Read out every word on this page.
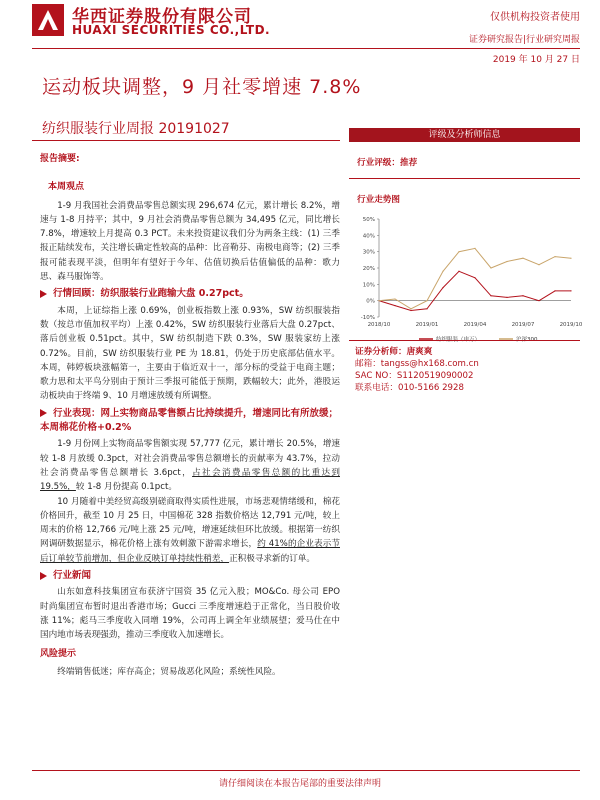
华西证券股份有限公司
HUAXI SECURITIES CO.,LTD.
仅供机构投资者使用
证券研究报告|行业研究周报
2019 年 10 月 27 日
运动板块调整，9 月社零增速 7.8%
纺织服装行业周报 20191027
报告摘要:
本周观点

1-9 月我国社会消费品零售总额实现 296,674 亿元，累计增长 8.2%，增速与 1-8 月持平；其中，9 月社会消费品零售总额为 34,495 亿元，同比增长 7.8%，增速较上月提高 0.3 PCT。未来投资建议我们分为两条主线：(1) 三季报正陆续发布，关注增长确定性较高的品种：比音勒芬、南极电商等；(2) 三季报可能表现平淡，但明年有望好于今年、估值切换后估值偏低的品种：歌力思、森马服饰等。

行情回顾：纺织服装行业跑输大盘 0.27pct。

本周，上证综指上涨 0.69%，创业板指数上涨 0.93%，SW 纺织服装指数（按总市值加权平均）上涨 0.42%，SW 纺织服装行业落后大盘 0.27pct、落后创业板 0.51pct。其中，SW 纺织制造下跌 0.3%，SW 服装家纺上涨 0.72%。目前，SW 纺织服装行业 PE 为 18.81，仍处于历史底部估值水平。本周，韩婷板块涨幅第一，主要由于临近双十一，部分标的受益于电商主题；歌力思和太平鸟分别由于预计三季报可能低于预期，跌幅较大；此外，港股运动板块由于终端 9、10 月增速放缓有所调整。

行业表现：网上实物商品零售额占比持续提升，增速同比有所放缓；本周棉花价格+0.2%

1-9 月份网上实物商品零售额实现 57,777 亿元，累计增长 20.5%，增速较 1-8 月放缓 0.3pct，对社会消费品零售总额增长的贡献率为 43.7%，拉动社会消费品零售总额增长 3.6pct，占社会消费品零售总额的比重达到 19.5%，较 1-8 月份提高 0.1pct。

10 月随着中美经贸高级别磋商取得实质性进展，市场悲观情绪缓和，棉花价格回升，截至 10 月 25 日，中国棉花 328 指数价格达 12,791 元/吨，较上周末的价格 12,766 元/吨上涨 25 元/吨，增速延续但环比放缓。根据第一纺织网调研数据显示，棉花价格上涨有效刺激下游需求增长，约 41%的企业表示节后订单较节前增加，但企业反映订单持续性稍差，正积极寻求新的订单。

行业新闻

山东如意科技集团宣布获济宁国资 35 亿元入股；MO&Co. 母公司 EPO 时尚集团宣布暂时退出香港市场；Gucci 三季度增速趋于正常化，当日股价收涨 11%；彪马三季度收入同增 19%，公司再上调全年业绩展望；爱马仕在中国内地市场表现强劲，推动三季度收入加速增长。

风险提示

终端销售低迷；库存高企；贸易战恶化风险；系统性风险。

评级及分析师信息
行业评级：推荐
行业走势图
-10%
0%
10%
20%
30%
40%
50%
2018/10	2019/01	2019/04	2019/07	2019/10
纺织服装（申万）	沪深300
证券分析师：唐爽爽
邮箱：tangss@hx168.com.cn
SAC NO：S1120519090002
联系电话：010-5166 2928
请仔细阅读在本报告尾部的重要法律声明
